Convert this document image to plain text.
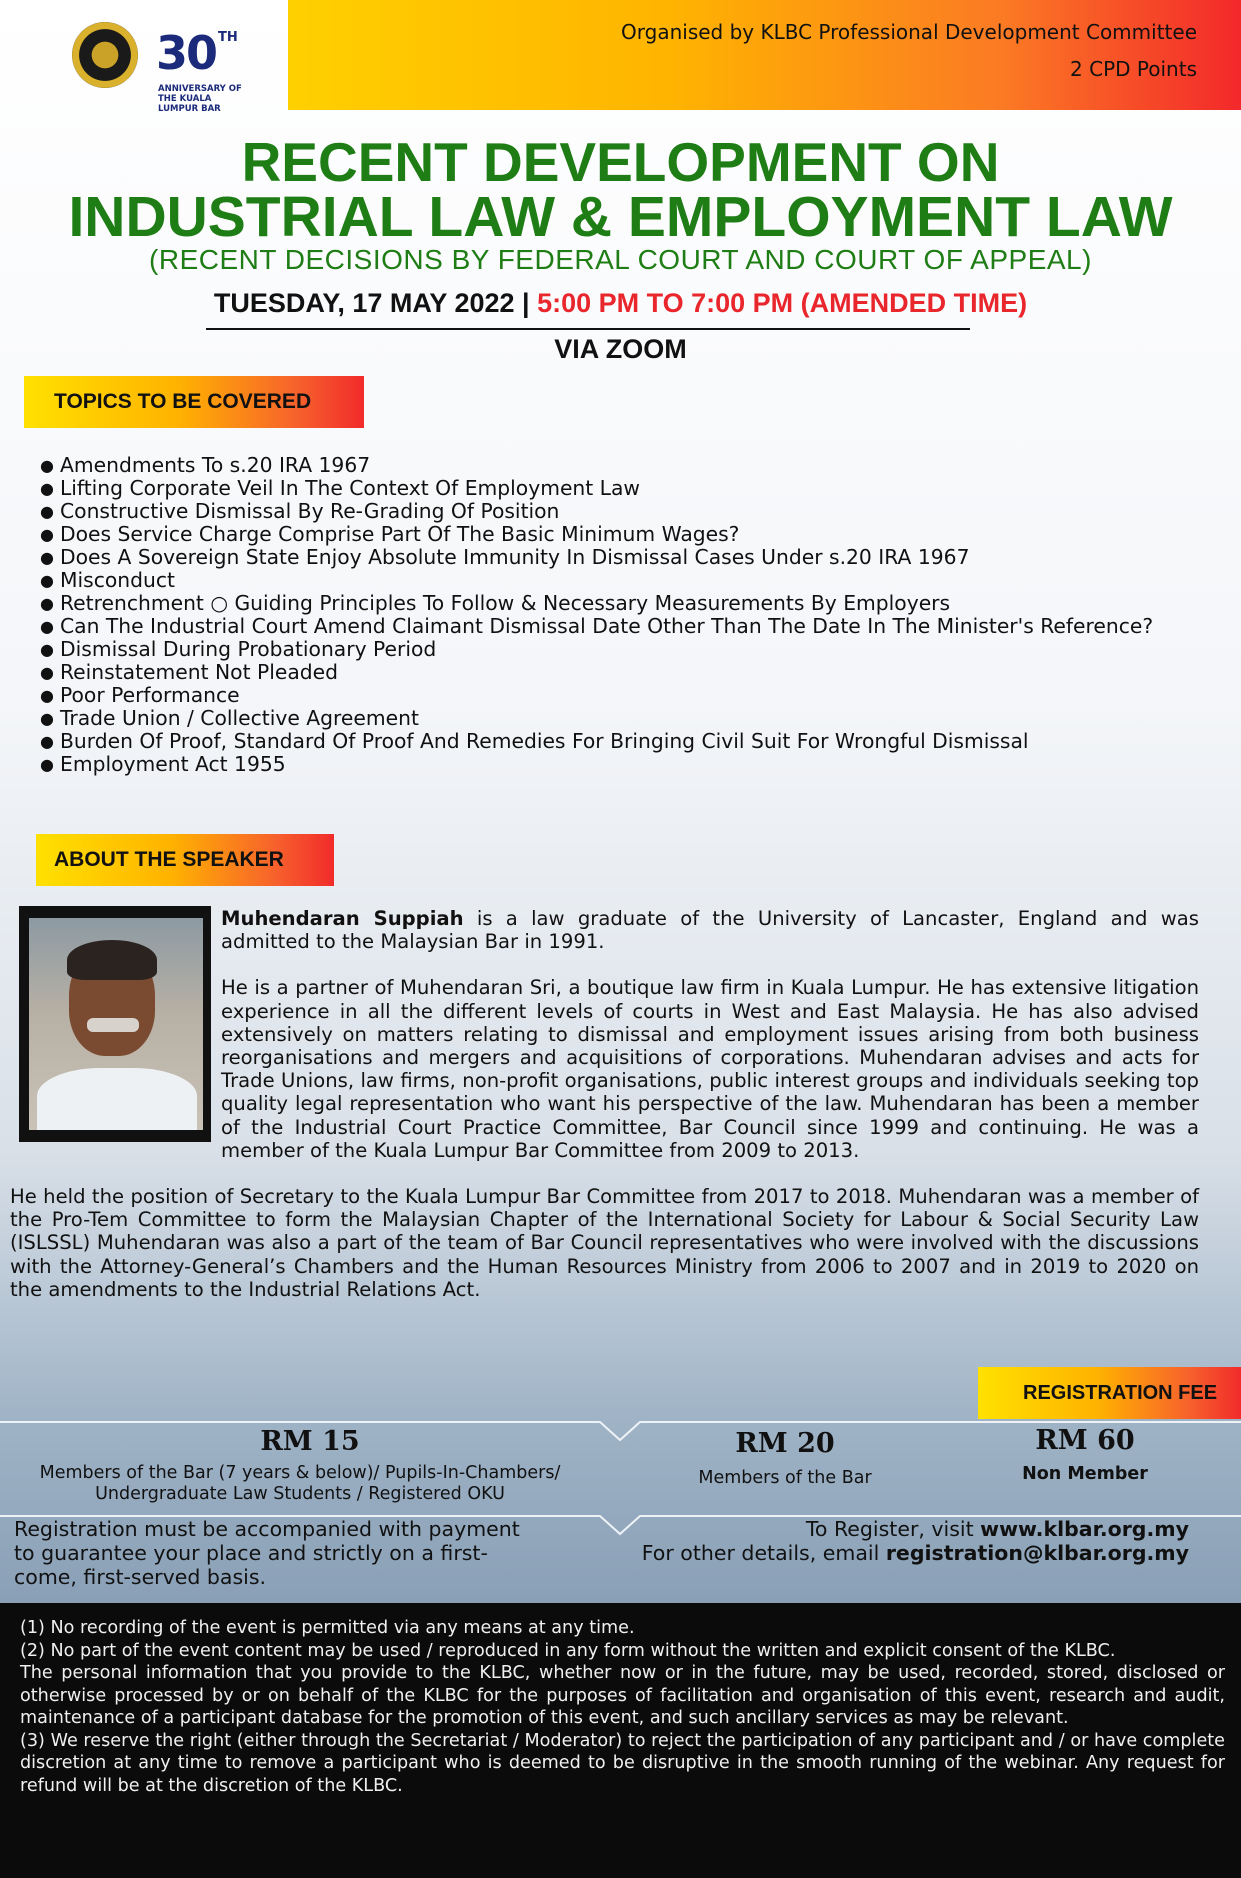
30 TH
ANNIVERSARY OF THE KUALA LUMPUR BAR
Organised by KLBC Professional Development Committee
2 CPD Points
RECENT DEVELOPMENT ON
INDUSTRIAL LAW & EMPLOYMENT LAW
(RECENT DECISIONS BY FEDERAL COURT AND COURT OF APPEAL)
TUESDAY, 17 MAY 2022 | 5:00 PM TO 7:00 PM (AMENDED TIME)
VIA ZOOM
TOPICS TO BE COVERED
● Amendments To s.20 IRA 1967
● Lifting Corporate Veil In The Context Of Employment Law
● Constructive Dismissal By Re-Grading Of Position
● Does Service Charge Comprise Part Of The Basic Minimum Wages?
● Does A Sovereign State Enjoy Absolute Immunity In Dismissal Cases Under s.20 IRA 1967
● Misconduct
● Retrenchment ○ Guiding Principles To Follow & Necessary Measurements By Employers
● Can The Industrial Court Amend Claimant Dismissal Date Other Than The Date In The Minister's Reference?
● Dismissal During Probationary Period
● Reinstatement Not Pleaded
● Poor Performance
● Trade Union / Collective Agreement
● Burden Of Proof, Standard Of Proof And Remedies For Bringing Civil Suit For Wrongful Dismissal
● Employment Act 1955
ABOUT THE SPEAKER

Muhendaran Suppiah is a law graduate of the University of Lancaster, England and was admitted to the Malaysian Bar in 1991.

He is a partner of Muhendaran Sri, a boutique law firm in Kuala Lumpur. He has extensive litigation experience in all the different levels of courts in West and East Malaysia. He has also advised extensively on matters relating to dismissal and employment issues arising from both business reorganisations and mergers and acquisitions of corporations. Muhendaran advises and acts for Trade Unions, law firms, non-profit organisations, public interest groups and individuals seeking top quality legal representation who want his perspective of the law. Muhendaran has been a member of the Industrial Court Practice Committee, Bar Council since 1999 and continuing. He was a member of the Kuala Lumpur Bar Committee from 2009 to 2013.

He held the position of Secretary to the Kuala Lumpur Bar Committee from 2017 to 2018. Muhendaran was a member of the Pro-Tem Committee to form the Malaysian Chapter of the International Society for Labour & Social Security Law (ISLSSL) Muhendaran was also a part of the team of Bar Council representatives who were involved with the discussions with the Attorney-General’s Chambers and the Human Resources Ministry from 2006 to 2007 and in 2019 to 2020 on the amendments to the Industrial Relations Act.
REGISTRATION FEE
RM 15
Members of the Bar (7 years & below)/ Pupils-In-Chambers/ Undergraduate Law Students / Registered OKU
RM 20
Members of the Bar
RM 60
Non Member
Registration must be accompanied with payment to guarantee your place and strictly on a first-come, first-served basis.
To Register, visit www.klbar.org.my
For other details, email registration@klbar.org.my
(1) No recording of the event is permitted via any means at any time.
(2) No part of the event content may be used / reproduced in any form without the written and explicit consent of the KLBC.
The personal information that you provide to the KLBC, whether now or in the future, may be used, recorded, stored, disclosed or otherwise processed by or on behalf of the KLBC for the purposes of facilitation and organisation of this event, research and audit, maintenance of a participant database for the promotion of this event, and such ancillary services as may be relevant.
(3) We reserve the right (either through the Secretariat / Moderator) to reject the participation of any participant and / or have complete discretion at any time to remove a participant who is deemed to be disruptive in the smooth running of the webinar. Any request for refund will be at the discretion of the KLBC.
